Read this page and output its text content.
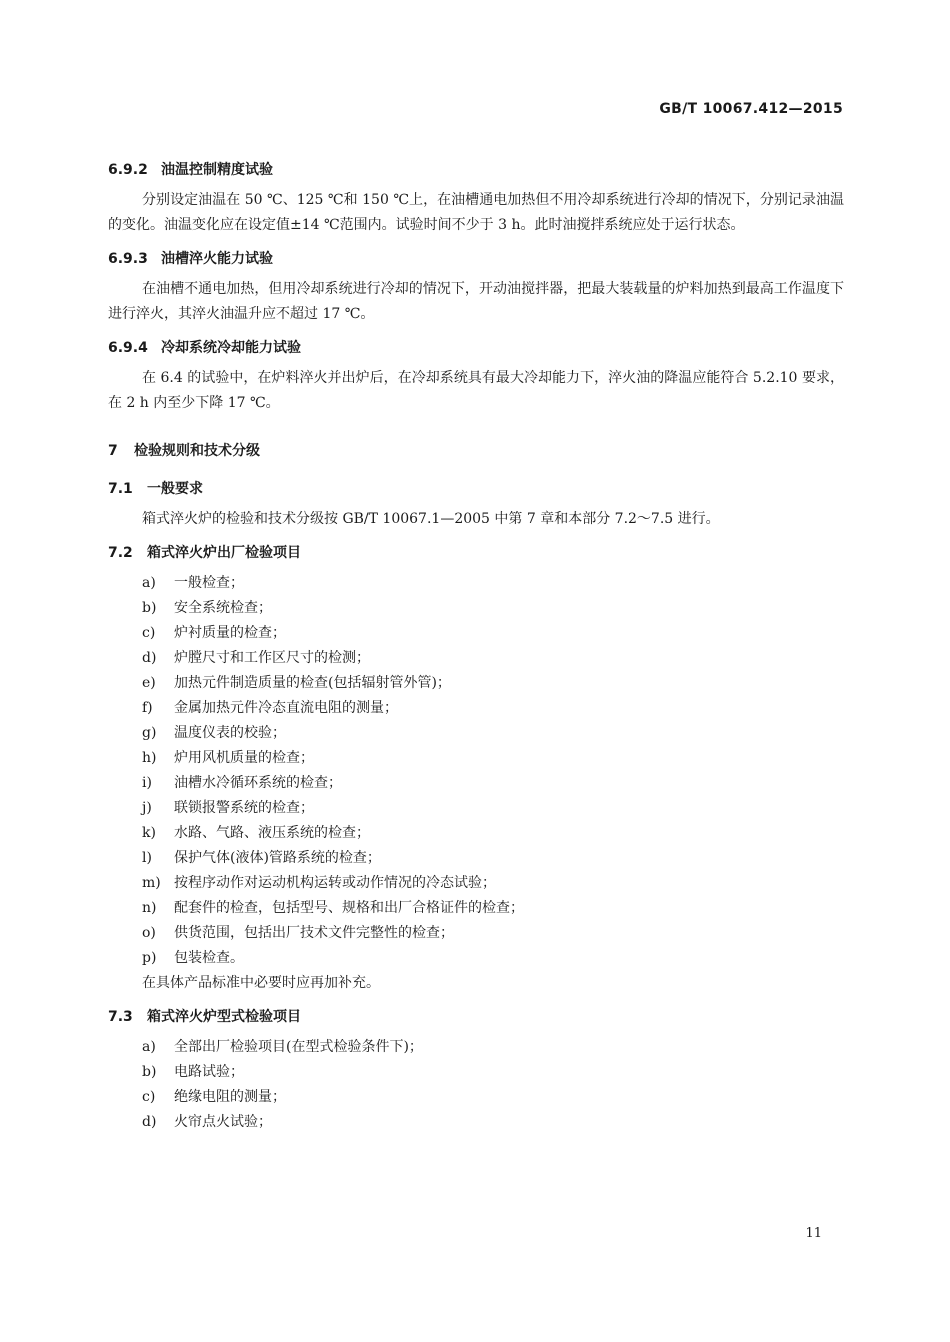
GB/T 10067.412—2015
6.9.2 油温控制精度试验
分别设定油温在 50 ℃、125 ℃和 150 ℃上，在油槽通电加热但不用冷却系统进行冷却的情况下，分别记录油温的变化。油温变化应在设定值±14 ℃范围内。试验时间不少于 3 h。此时油搅拌系统应处于运行状态。
6.9.3 油槽淬火能力试验
在油槽不通电加热，但用冷却系统进行冷却的情况下，开动油搅拌器，把最大装载量的炉料加热到最高工作温度下进行淬火，其淬火油温升应不超过 17 ℃。
6.9.4 冷却系统冷却能力试验
在 6.4 的试验中，在炉料淬火并出炉后，在冷却系统具有最大冷却能力下，淬火油的降温应能符合 5.2.10 要求，在 2 h 内至少下降 17 ℃。
7 检验规则和技术分级
7.1 一般要求
箱式淬火炉的检验和技术分级按 GB/T 10067.1—2005 中第 7 章和本部分 7.2～7.5 进行。
7.2 箱式淬火炉出厂检验项目
a) 一般检查；
b) 安全系统检查；
c) 炉衬质量的检查；
d) 炉膛尺寸和工作区尺寸的检测；
e) 加热元件制造质量的检查(包括辐射管外管)；
f) 金属加热元件冷态直流电阻的测量；
g) 温度仪表的校验；
h) 炉用风机质量的检查；
i) 油槽水冷循环系统的检查；
j) 联锁报警系统的检查；
k) 水路、气路、液压系统的检查；
l) 保护气体(液体)管路系统的检查；
m) 按程序动作对运动机构运转或动作情况的冷态试验；
n) 配套件的检查，包括型号、规格和出厂合格证件的检查；
o) 供货范围，包括出厂技术文件完整性的检查；
p) 包装检查。
在具体产品标准中必要时应再加补充。
7.3 箱式淬火炉型式检验项目
a) 全部出厂检验项目(在型式检验条件下)；
b) 电路试验；
c) 绝缘电阻的测量；
d) 火帘点火试验；
11
